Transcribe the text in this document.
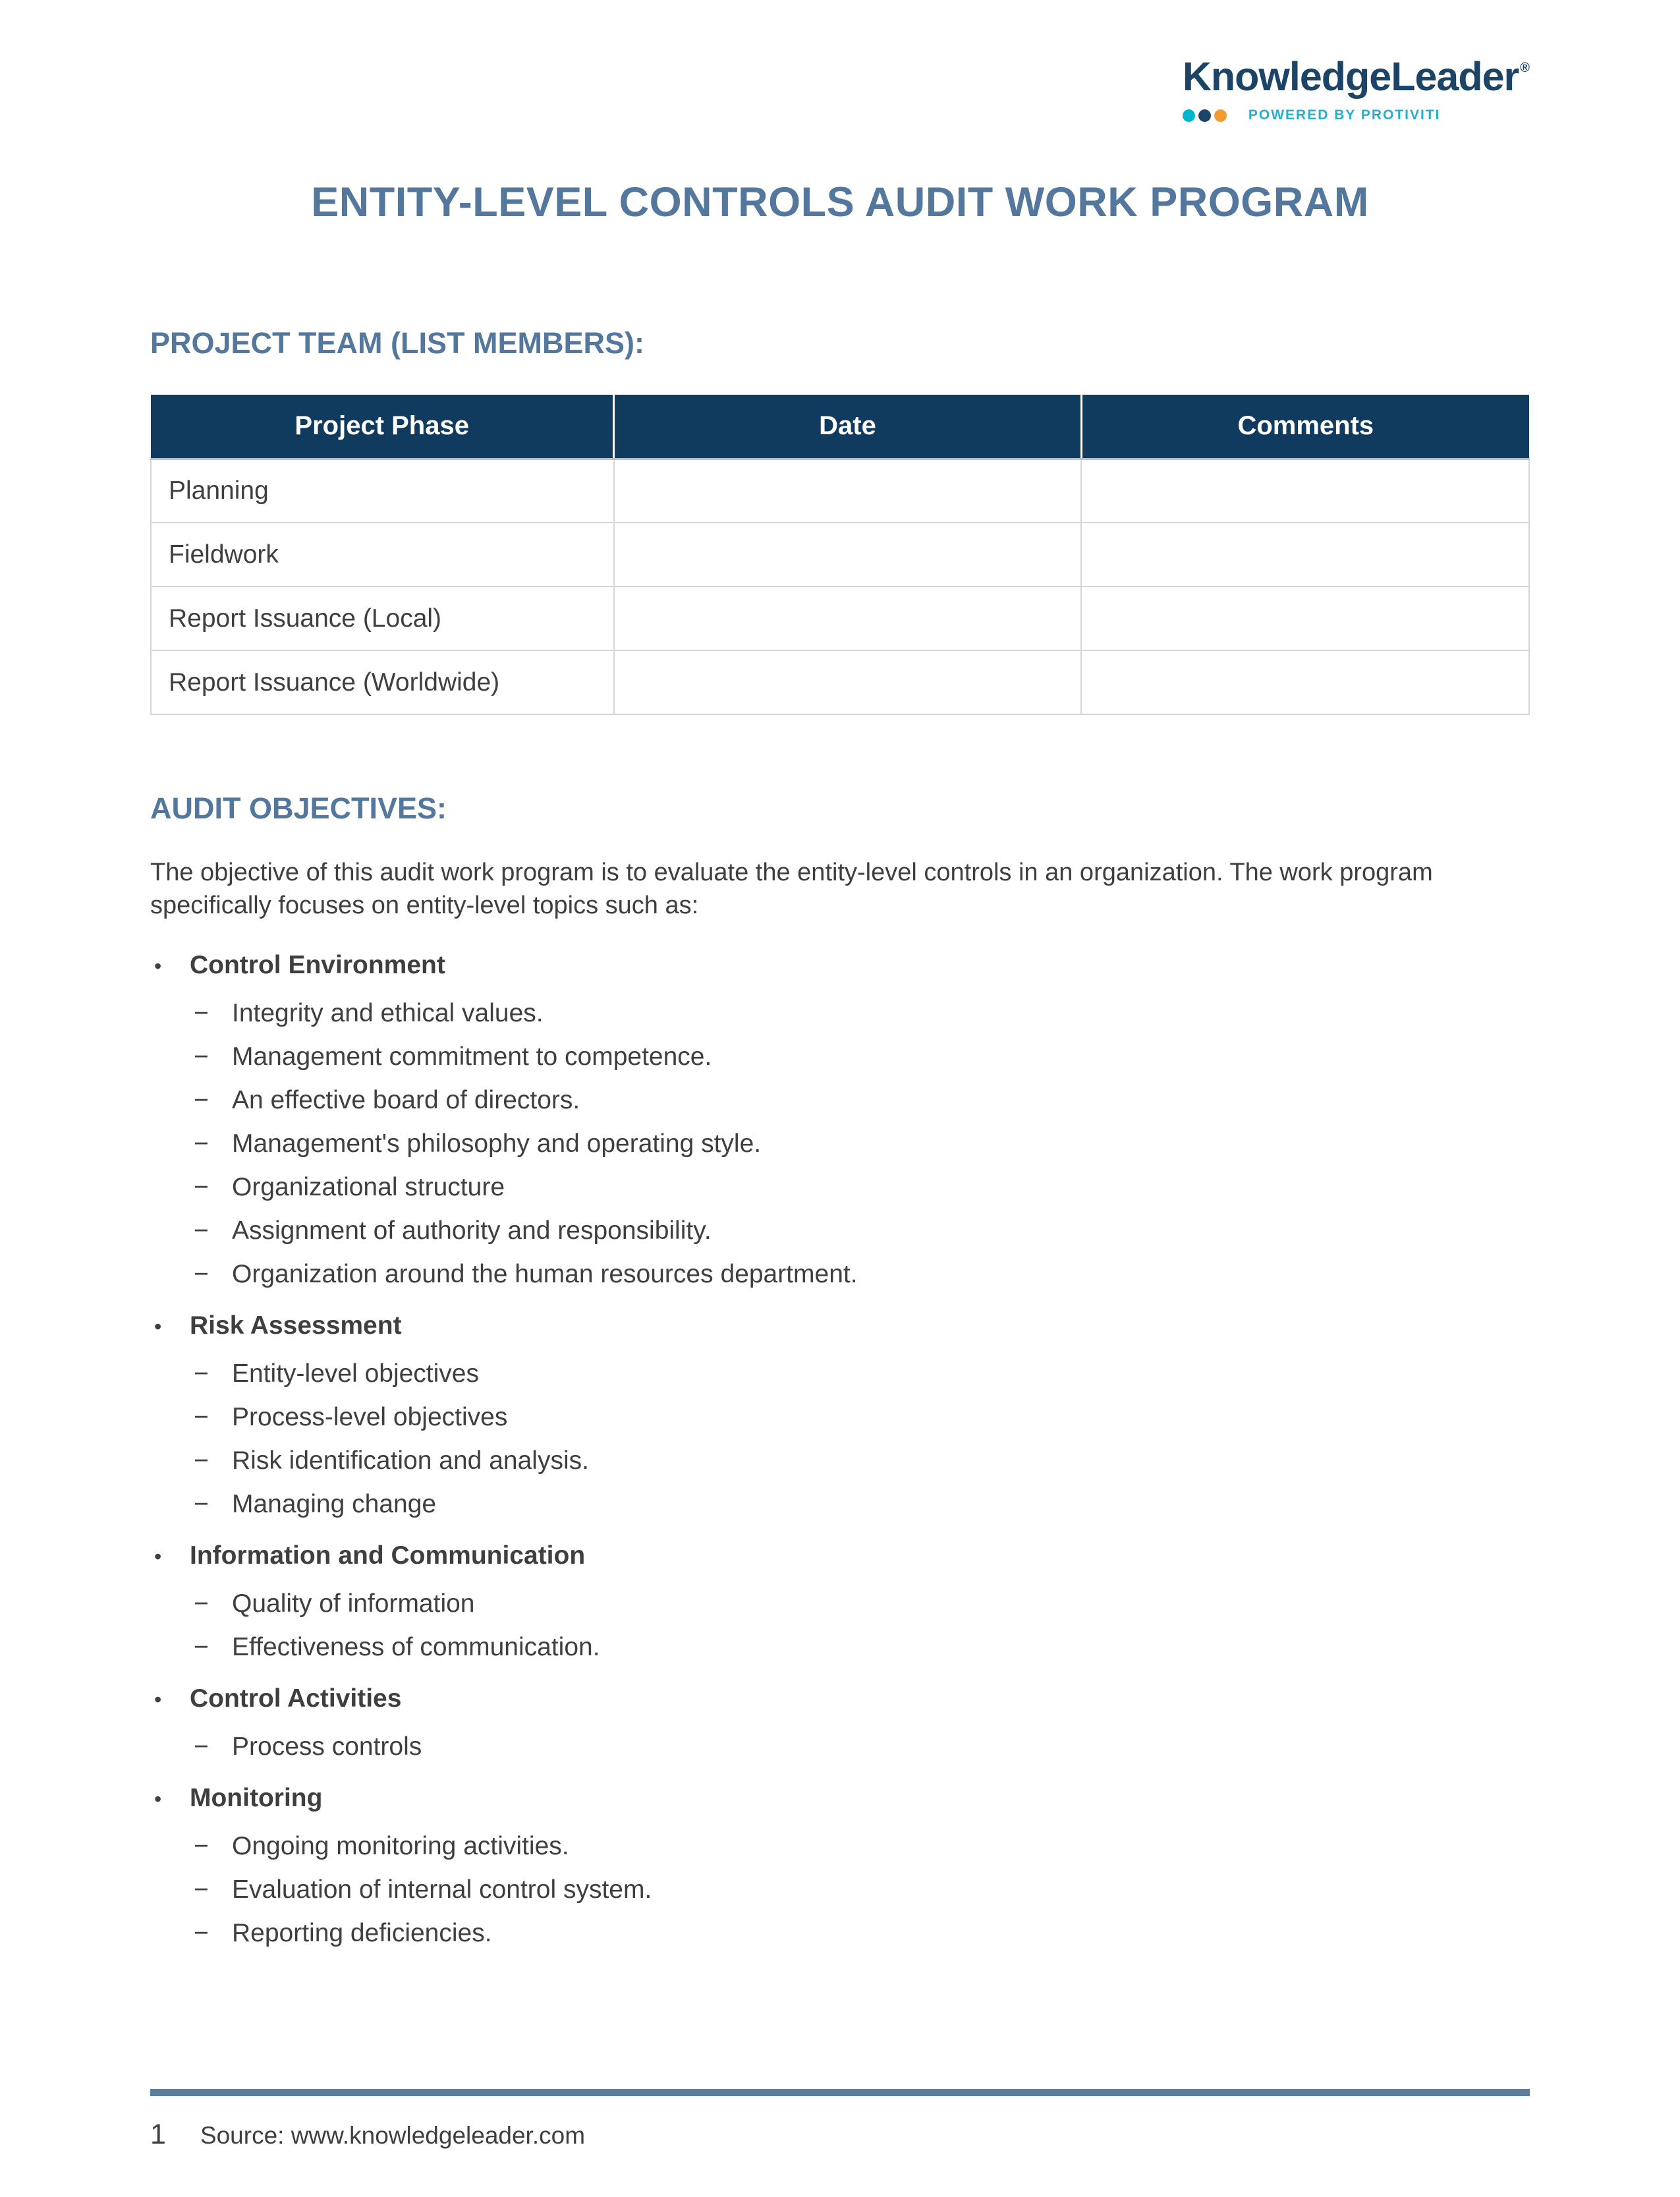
KnowledgeLeader ®
POWERED BY PROTIVITI
ENTITY-LEVEL CONTROLS AUDIT WORK PROGRAM
PROJECT TEAM (LIST MEMBERS):
Project Phase	Date	Comments
Planning		
Fieldwork		
Report Issuance (Local)		
Report Issuance (Worldwide)		
AUDIT OBJECTIVES:

The objective of this audit work program is to evaluate the entity-level controls in an organization. The work program specifically focuses on entity-level topics such as:

•	Control Environment
− Integrity and ethical values.
− Management commitment to competence.
− An effective board of directors.
− Management's philosophy and operating style.
− Organizational structure
− Assignment of authority and responsibility.
− Organization around the human resources department.
•	Risk Assessment
− Entity-level objectives
− Process-level objectives
− Risk identification and analysis.
− Managing change
•	Information and Communication
− Quality of information
− Effectiveness of communication.
•	Control Activities
− Process controls
•	Monitoring
− Ongoing monitoring activities.
− Evaluation of internal control system.
− Reporting deficiencies.
1 Source: www.knowledgeleader.com
